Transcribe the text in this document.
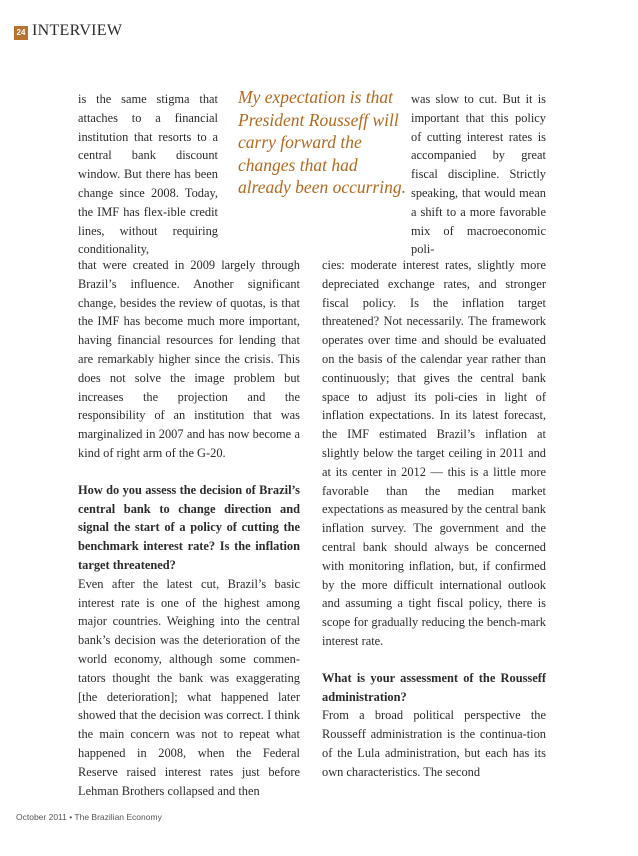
24 INTERVIEW

is the same stigma that attaches to a financial institution that resorts to a central bank discount window. But there has been change since 2008. Today, the IMF has flex-ible credit lines, without requiring conditionality,

My expectation is that President Rousseff will carry forward the changes that had already been occurring.

was slow to cut. But it is important that this policy of cutting interest rates is accompanied by great fiscal discipline. Strictly speaking, that would mean a shift to a more favorable mix of macroeconomic poli-

that were created in 2009 largely through Brazil’s influence. Another significant change, besides the review of quotas, is that the IMF has become much more important, having financial resources for lending that are remarkably higher since the crisis. This does not solve the image problem but increases the projection and the responsibility of an institution that was marginalized in 2007 and has now become a kind of right arm of the G-20.

How do you assess the decision of Brazil’s central bank to change direction and signal the start of a policy of cutting the benchmark interest rate? Is the inflation target threatened?

Even after the latest cut, Brazil’s basic interest rate is one of the highest among major countries. Weighing into the central bank’s decision was the deterioration of the world economy, although some commen-tators thought the bank was exaggerating [the deterioration]; what happened later showed that the decision was correct. I think the main concern was not to repeat what happened in 2008, when the Federal Reserve raised interest rates just before Lehman Brothers collapsed and then

cies: moderate interest rates, slightly more depreciated exchange rates, and stronger fiscal policy. Is the inflation target threatened? Not necessarily. The framework operates over time and should be evaluated on the basis of the calendar year rather than continuously; that gives the central bank space to adjust its poli-cies in light of inflation expectations. In its latest forecast, the IMF estimated Brazil’s inflation at slightly below the target ceiling in 2011 and at its center in 2012 — this is a little more favorable than the median market expectations as measured by the central bank inflation survey. The government and the central bank should always be concerned with monitoring inflation, but, if confirmed by the more difficult international outlook and assuming a tight fiscal policy, there is scope for gradually reducing the bench-mark interest rate.

What is your assessment of the Rousseff administration?

From a broad political perspective the Rousseff administration is the continua-tion of the Lula administration, but each has its own characteristics. The second

October 2011 • The Brazilian Economy
